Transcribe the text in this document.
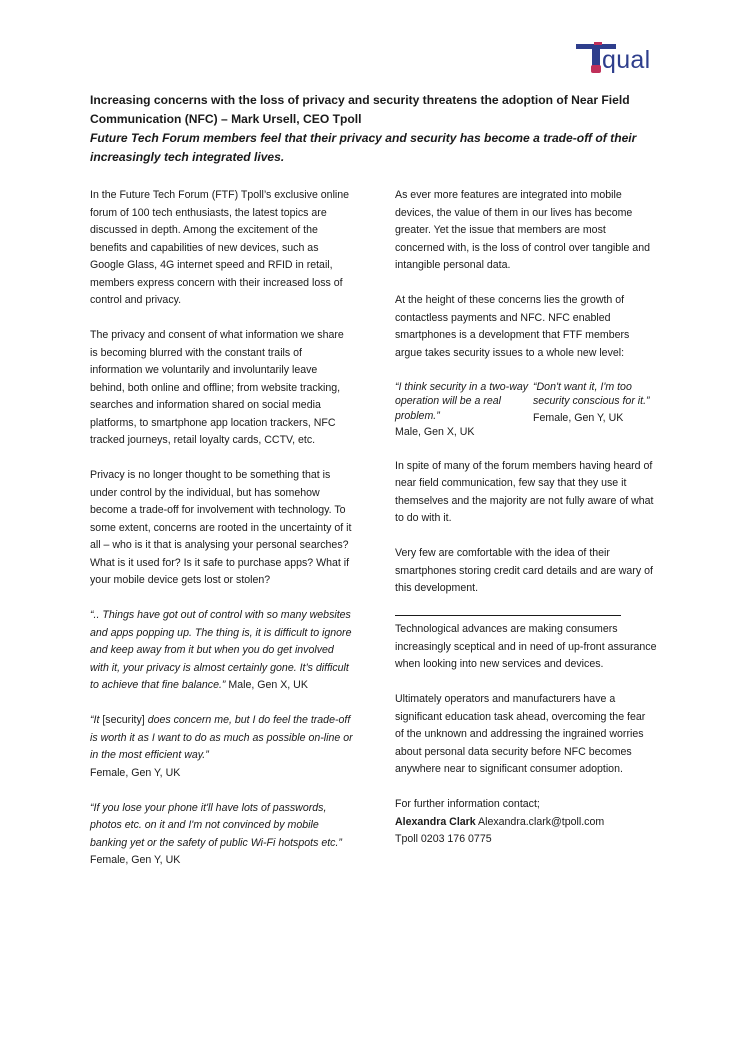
qual
Increasing concerns with the loss of privacy and security threatens the adoption of Near Field Communication (NFC) – Mark Ursell, CEO Tpoll
Future Tech Forum members feel that their privacy and security has become a trade-off of their increasingly tech integrated lives.

In the Future Tech Forum (FTF) Tpoll’s exclusive online forum of 100 tech enthusiasts, the latest topics are discussed in depth. Among the excitement of the benefits and capabilities of new devices, such as Google Glass, 4G internet speed and RFID in retail, members express concern with their increased loss of control and privacy.

The privacy and consent of what information we share is becoming blurred with the constant trails of information we voluntarily and involuntarily leave behind, both online and offline; from website tracking, searches and information shared on social media platforms, to smartphone app location trackers, NFC tracked journeys, retail loyalty cards, CCTV, etc.

Privacy is no longer thought to be something that is under control by the individual, but has somehow become a trade-off for involvement with technology. To some extent, concerns are rooted in the uncertainty of it all – who is it that is analysing your personal searches? What is it used for? Is it safe to purchase apps? What if your mobile device gets lost or stolen?

“.. Things have got out of control with so many websites and apps popping up. The thing is, it is difficult to ignore and keep away from it but when you do get involved with it, your privacy is almost certainly gone. It’s difficult to achieve that fine balance.” Male, Gen X, UK

“It [security] does concern me, but I do feel the trade-off is worth it as I want to do as much as possible on-line or in the most efficient way.”
Female, Gen Y, UK

“If you lose your phone it'll have lots of passwords, photos etc. on it and I'm not convinced by mobile banking yet or the safety of public Wi-Fi hotspots etc.” Female, Gen Y, UK

As ever more features are integrated into mobile devices, the value of them in our lives has become greater. Yet the issue that members are most concerned with, is the loss of control over tangible and intangible personal data.

At the height of these concerns lies the growth of contactless payments and NFC. NFC enabled smartphones is a development that FTF members argue takes security issues to a whole new level:

“I think security in a two-way operation will be a real problem.”
Male, Gen X, UK
“Don't want it, I'm too security conscious for it.”
Female, Gen Y, UK

In spite of many of the forum members having heard of near field communication, few say that they use it themselves and the majority are not fully aware of what to do with it.

Very few are comfortable with the idea of their smartphones storing credit card details and are wary of this development.

Technological advances are making consumers increasingly sceptical and in need of up-front assurance when looking into new services and devices.

Ultimately operators and manufacturers have a significant education task ahead, overcoming the fear of the unknown and addressing the ingrained worries about personal data security before NFC becomes anywhere near to significant consumer adoption.

For further information contact;
Alexandra Clark Alexandra.clark@tpoll.com
Tpoll 0203 176 0775
